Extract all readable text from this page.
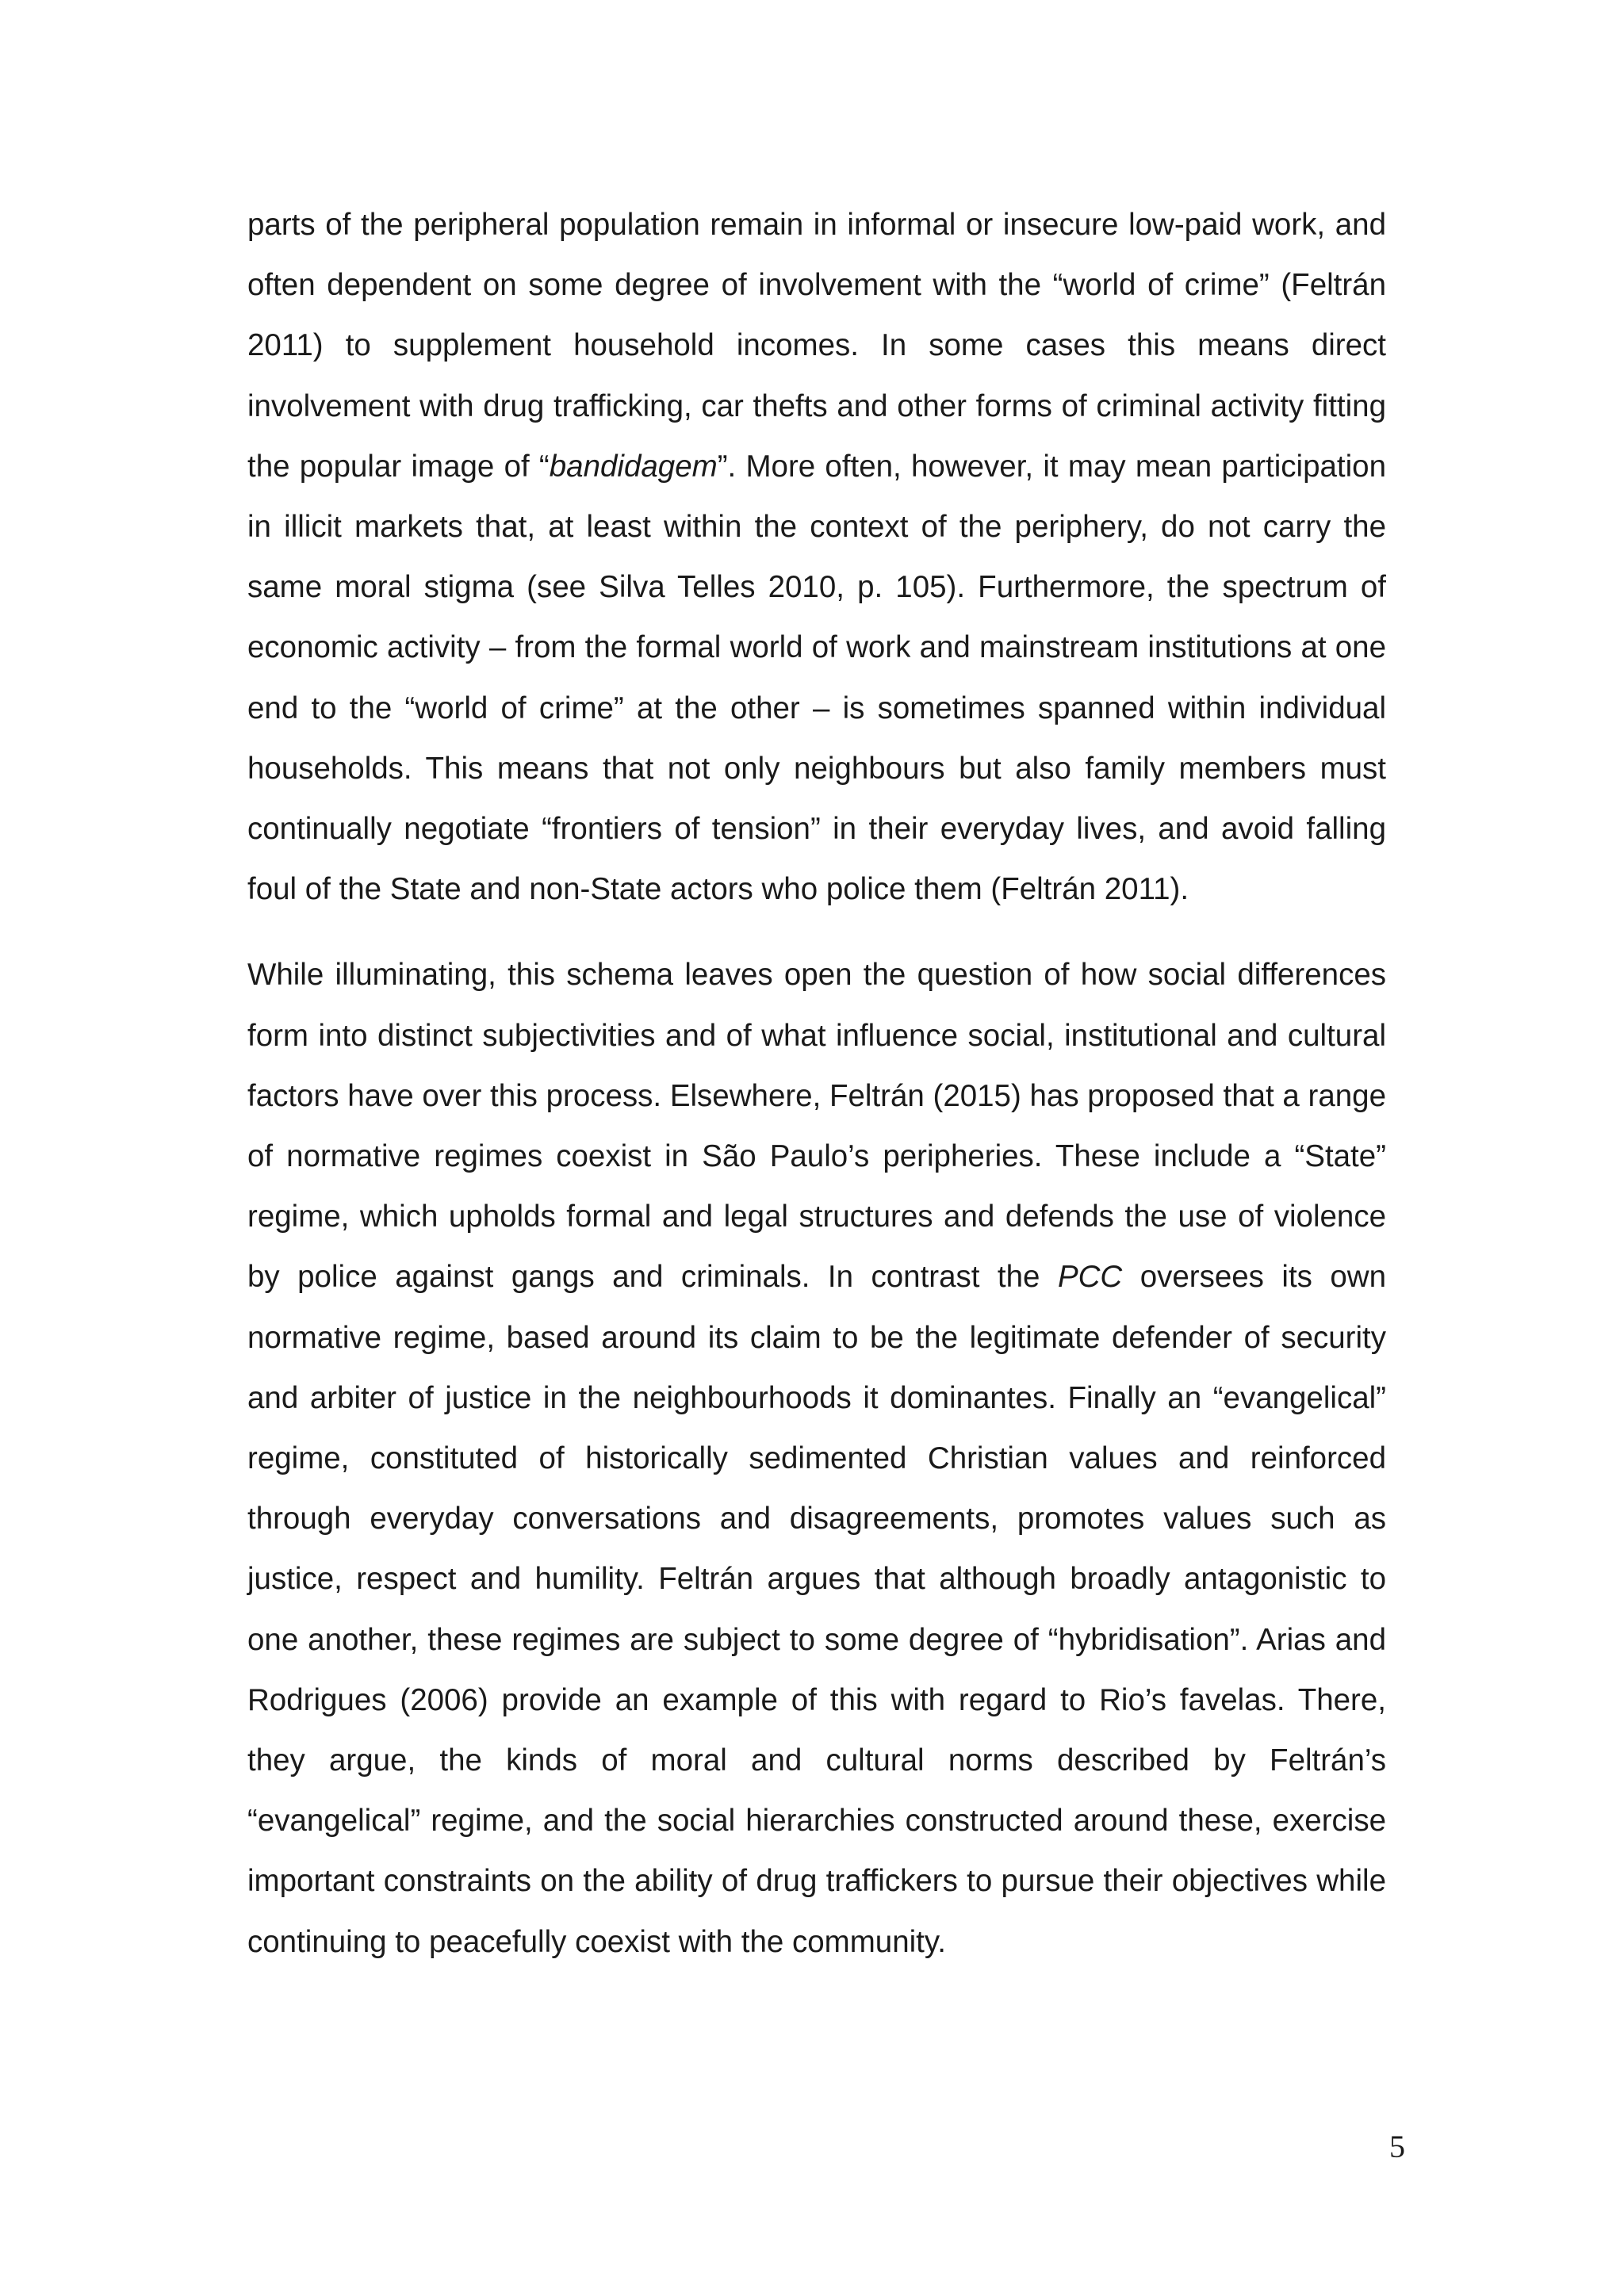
parts of the peripheral population remain in informal or insecure low-paid work, and often dependent on some degree of involvement with the “world of crime” (Feltrán 2011) to supplement household incomes. In some cases this means direct involvement with drug trafficking, car thefts and other forms of criminal activity fitting the popular image of “bandidagem”. More often, however, it may mean participation in illicit markets that, at least within the context of the periphery, do not carry the same moral stigma (see Silva Telles 2010, p. 105). Furthermore, the spectrum of economic activity – from the formal world of work and mainstream institutions at one end to the “world of crime” at the other – is sometimes spanned within individual households. This means that not only neighbours but also family members must continually negotiate “frontiers of tension” in their everyday lives, and avoid falling foul of the State and non-State actors who police them (Feltrán 2011).

While illuminating, this schema leaves open the question of how social differences form into distinct subjectivities and of what influence social, institutional and cultural factors have over this process. Elsewhere, Feltrán (2015) has proposed that a range of normative regimes coexist in São Paulo’s peripheries. These include a “State” regime, which upholds formal and legal structures and defends the use of violence by police against gangs and criminals. In contrast the PCC oversees its own normative regime, based around its claim to be the legitimate defender of security and arbiter of justice in the neighbourhoods it dominantes. Finally an “evangelical” regime, constituted of historically sedimented Christian values and reinforced through everyday conversations and disagreements, promotes values such as justice, respect and humility. Feltrán argues that although broadly antagonistic to one another, these regimes are subject to some degree of “hybridisation”. Arias and Rodrigues (2006) provide an example of this with regard to Rio’s favelas. There, they argue, the kinds of moral and cultural norms described by Feltrán’s “evangelical” regime, and the social hierarchies constructed around these, exercise important constraints on the ability of drug traffickers to pursue their objectives while continuing to peacefully coexist with the community.

5
